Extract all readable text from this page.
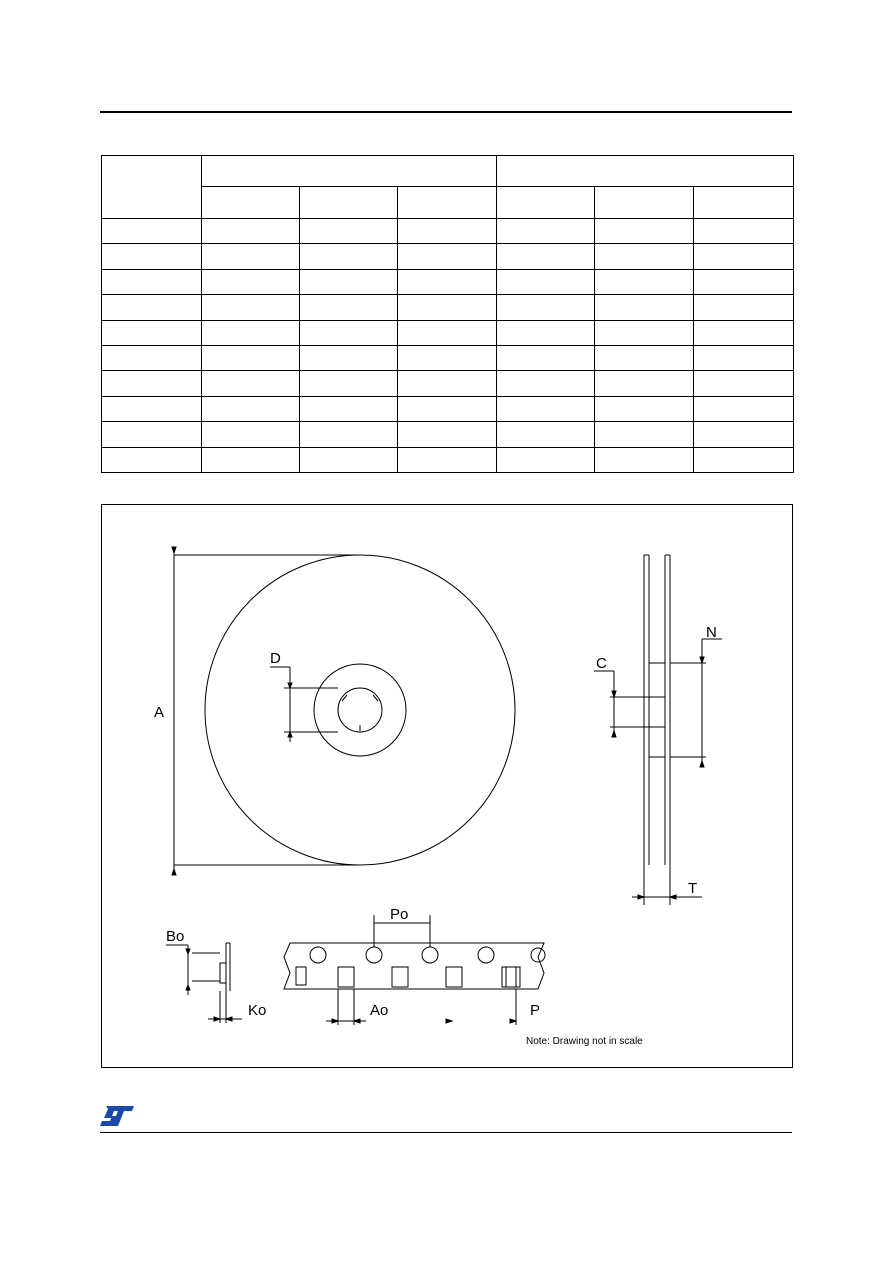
A
D	C
N
T
Bo
Ko
Po
Ao	P
Note: Drawing not in scale
